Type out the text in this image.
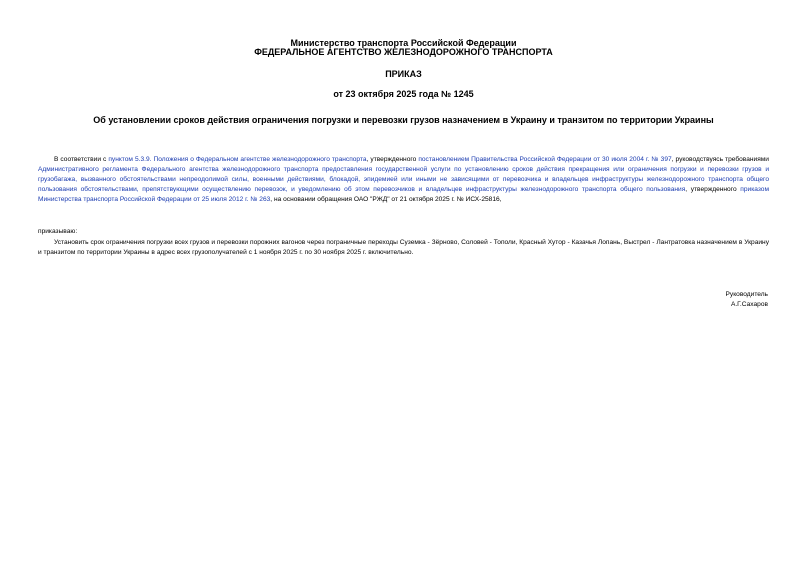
Министерство транспорта Российской Федерации
ФЕДЕРАЛЬНОЕ АГЕНТСТВО ЖЕЛЕЗНОДОРОЖНОГО ТРАНСПОРТА
ПРИКАЗ
от 23 октября 2025 года № 1245
Об установлении сроков действия ограничения погрузки и перевозки грузов назначением в Украину и транзитом по территории Украины
В соответствии с пунктом 5.3.9. Положения о Федеральном агентстве железнодорожного транспорта, утвержденного постановлением Правительства Российской Федерации от 30 июля 2004 г. № 397, руководствуясь требованиями Административного регламента Федерального агентства железнодорожного транспорта предоставления государственной услуги по установлению сроков действия прекращения или ограничения погрузки и перевозки грузов и грузобагажа, вызванного обстоятельствами непреодолимой силы, военными действиями, блокадой, эпидемией или иными не зависящими от перевозчика и владельцев инфраструктуры железнодорожного транспорта общего пользования обстоятельствами, препятствующими осуществлению перевозок, и уведомлению об этом перевозчиков и владельцев инфраструктуры железнодорожного транспорта общего пользования, утвержденного приказом Министерства транспорта Российской Федерации от 25 июля 2012 г. № 263, на основании обращения ОАО "РЖД" от 21 октября 2025 г. № ИСХ-25816,
приказываю:
Установить срок ограничения погрузки всех грузов и перевозки порожних вагонов через пограничные переходы Суземка - Зёрново, Соловей - Тополи, Красный Хутор - Казачья Лопань, Выстрел - Лантратовка назначением в Украину и транзитом по территории Украины в адрес всех грузополучателей с 1 ноября 2025 г. по 30 ноября 2025 г. включительно.
Руководитель
А.Г.Сахаров
